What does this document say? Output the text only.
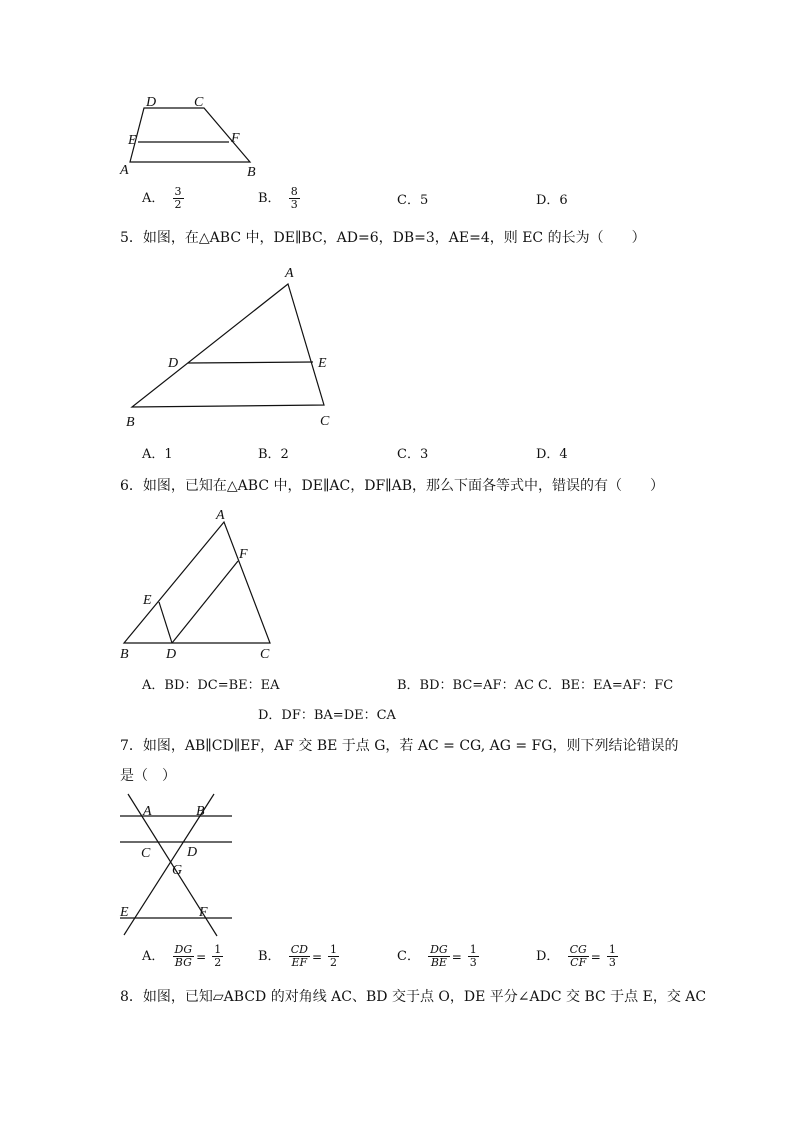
D	C
E	F
A	B
A． $\frac{3}{2}$	B． $\frac{8}{3}$	C．5	D．6
5．如图，在△ABC 中，DE∥BC，AD=6，DB=3，AE=4，则 EC 的长为（　　）
A
D	E
B	C
A．1	B．2	C．3	D．4
6．如图，已知在△ABC 中，DE∥AC，DF∥AB，那么下面各等式中，错误的有（　　）
A
F
E
B	D	C
A．BD：DC=BE：EA	B．BD：BC=AF：AC C．BE：EA=AF：FC
D．DF：BA=DE：CA
7．如图，AB∥CD∥EF，AF 交 BE 于点 G，若 AC = CG, AG = FG，则下列结论错误的
是（　）
A	B
C	D
G
E	F
A． $\frac{DG}{BG} = \frac{1}{2}$	B． $\frac{CD}{EF} = \frac{1}{2}$	C． $\frac{DG}{BE} = \frac{1}{3}$	D． $\frac{CG}{CF} = \frac{1}{3}$
8．如图，已知▱ABCD 的对角线 AC、BD 交于点 O，DE 平分∠ADC 交 BC 于点 E，交 AC
